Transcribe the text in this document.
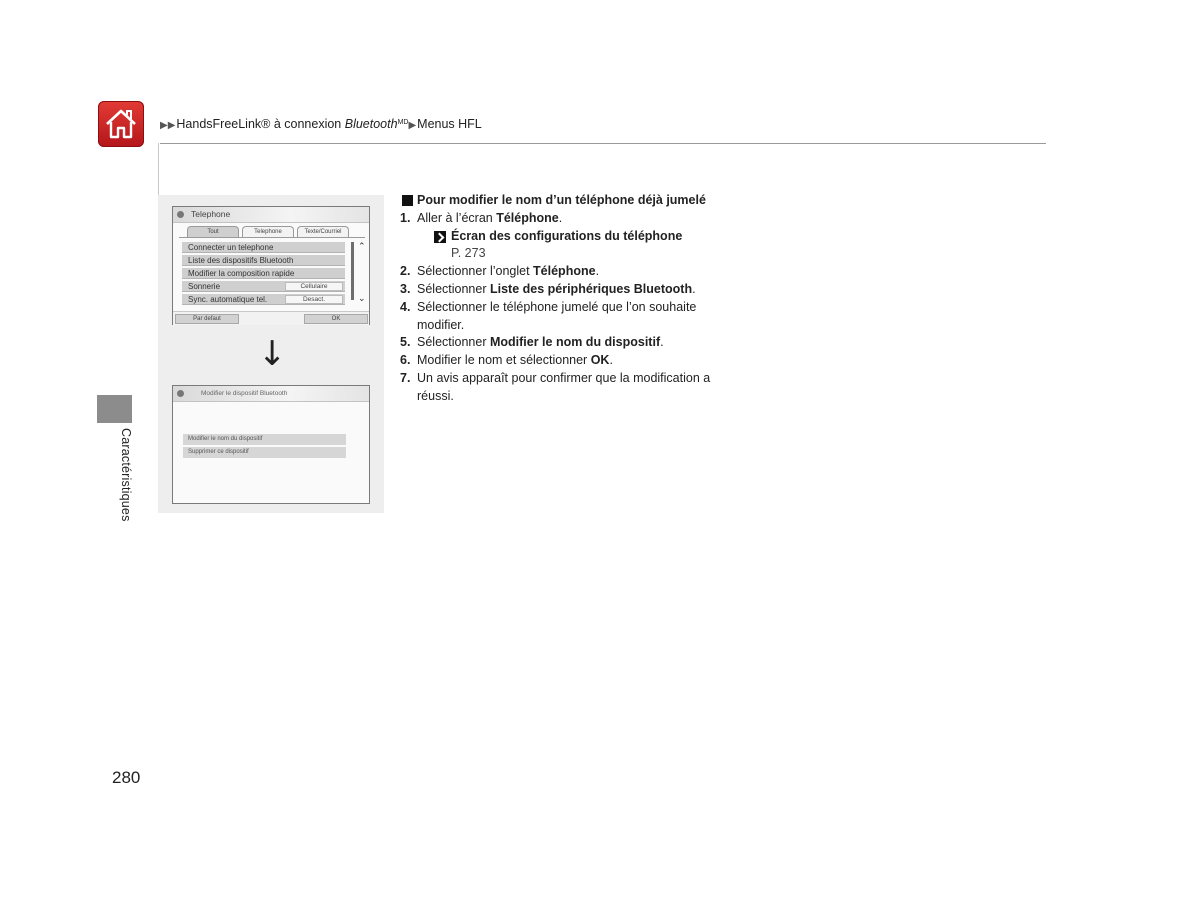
▶▶HandsFreeLink® à connexion Bluetooth$^{MD}$▶Menus HFL
Caractéristiques
Telephone
Tout	Telephone	Texte/Courriel
Connecter un telephone
Liste des dispositifs Bluetooth
Modifier la composition rapide
Sonnerie	Cellulaire
Sync. automatique tel.	Desact.
⌃
⌄
Par defaut	OK
↓
Modifier le dispositif Bluetooth
Modifier le nom du dispositif
Supprimer ce dispositif
Pour modifier le nom d’un téléphone déjà jumelé
1. Aller à l’écran Téléphone.
Écran des configurations du téléphone
P. 273
2. Sélectionner l’onglet Téléphone.
3. Sélectionner Liste des périphériques Bluetooth.
4. Sélectionner le téléphone jumelé que l’on souhaite modifier.
5. Sélectionner Modifier le nom du dispositif.
6. Modifier le nom et sélectionner OK.
7. Un avis apparaît pour confirmer que la modification a réussi.
280
